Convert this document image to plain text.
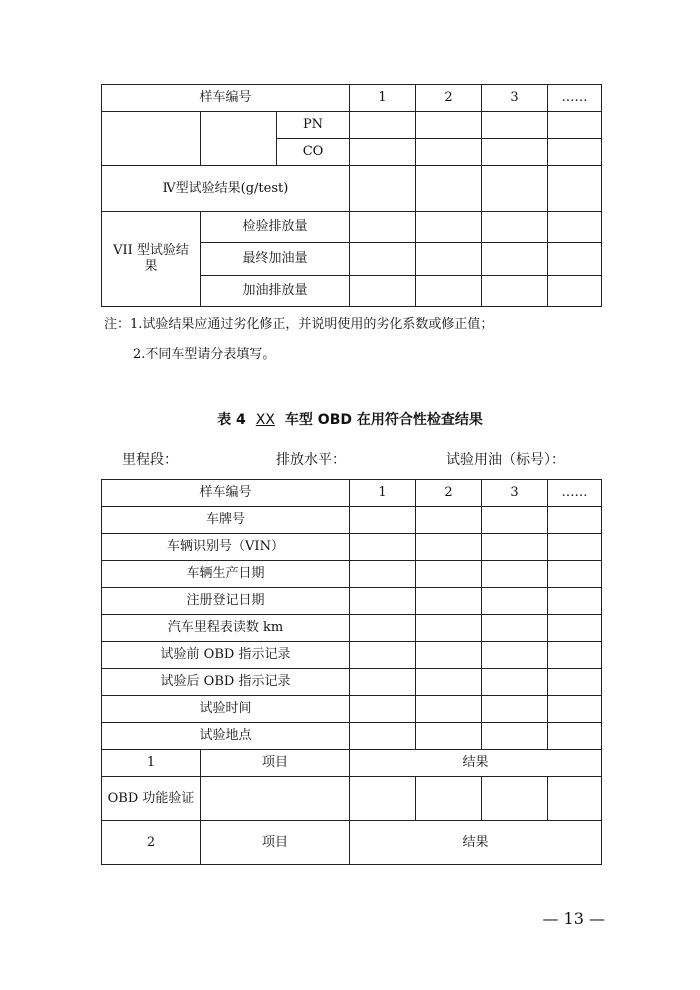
样车编号			1	2	3	……
		PN				
		CO				
Ⅳ型试验结果(g/test)						
VII 型试验结果	检验排放量					
	最终加油量					
	加油排放量					
注：1.试验结果应通过劣化修正，并说明使用的劣化系数或修正值；
2.不同车型请分表填写。
表 4 XX 车型 OBD 在用符合性检查结果
里程段：	排放水平：	试验用油（标号）：
样车编号		1	2	3	……
车牌号					
车辆识别号（VIN）					
车辆生产日期					
注册登记日期					
汽车里程表读数 km					
试验前 OBD 指示记录					
试验后 OBD 指示记录					
试验时间					
试验地点					
1	项目	结果			
OBD 功能验证					
2	项目	结果			
— 13 —
